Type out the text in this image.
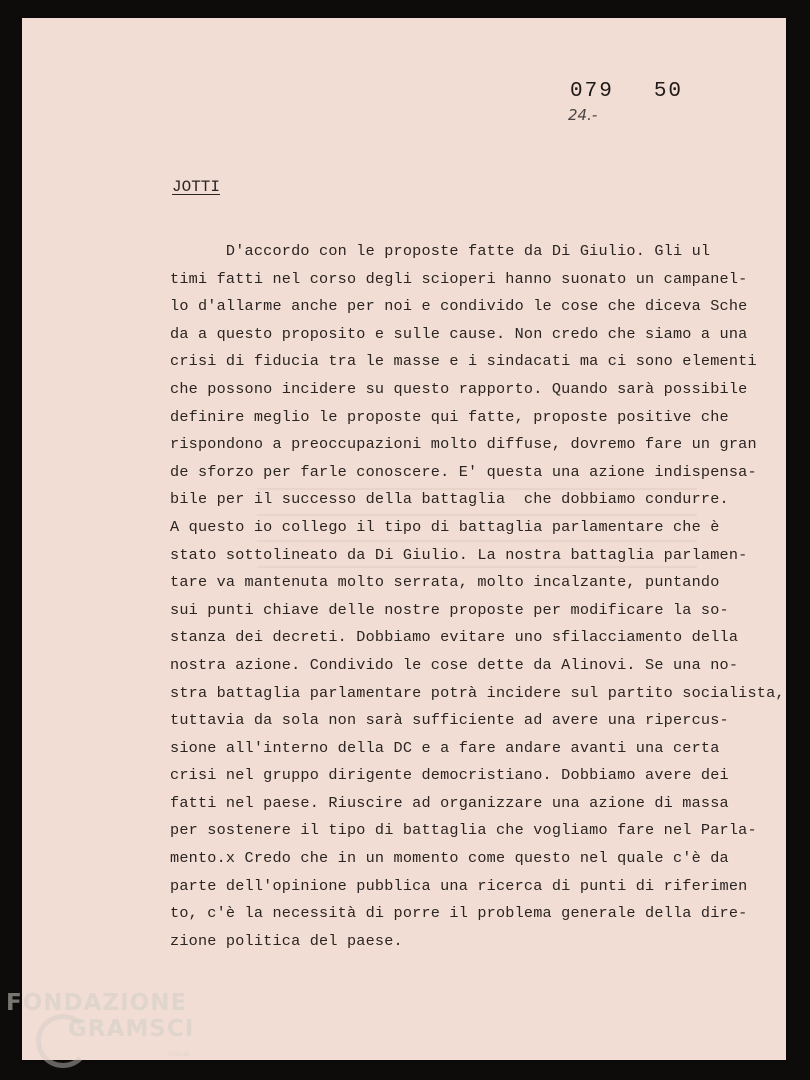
079 50
24.-
JOTTI
D'accordo con le proposte fatte da Di Giulio. Gli ul
timi fatti nel corso degli scioperi hanno suonato un campanel-
lo d'allarme anche per noi e condivido le cose che diceva Sche
da a questo proposito e sulle cause. Non credo che siamo a una
crisi di fiducia tra le masse e i sindacati ma ci sono elementi
che possono incidere su questo rapporto. Quando sarà possibile
definire meglio le proposte qui fatte, proposte positive che
rispondono a preoccupazioni molto diffuse, dovremo fare un gran
de sforzo per farle conoscere. E' questa una azione indispensa-
bile per il successo della battaglia  che dobbiamo condurre.
A questo io collego il tipo di battaglia parlamentare che è
stato sottolineato da Di Giulio. La nostra battaglia parlamen-
tare va mantenuta molto serrata, molto incalzante, puntando
sui punti chiave delle nostre proposte per modificare la so-
stanza dei decreti. Dobbiamo evitare uno sfilacciamento della
nostra azione. Condivido le cose dette da Alinovi. Se una no-
stra battaglia parlamentare potrà incidere sul partito socialista,
tuttavia da sola non sarà sufficiente ad avere una ripercus-
sione all'interno della DC e a fare andare avanti una certa
crisi nel gruppo dirigente democristiano. Dobbiamo avere dei
fatti nel paese. Riuscire ad organizzare una azione di massa
per sostenere il tipo di battaglia che vogliamo fare nel Parla-
mento.x Credo che in un momento come questo nel quale c'è da
parte dell'opinione pubblica una ricerca di punti di riferimen
to, c'è la necessità di porre il problema generale della dire-
zione politica del paese.
FONDAZIONE
GRAMSCI
onlus
